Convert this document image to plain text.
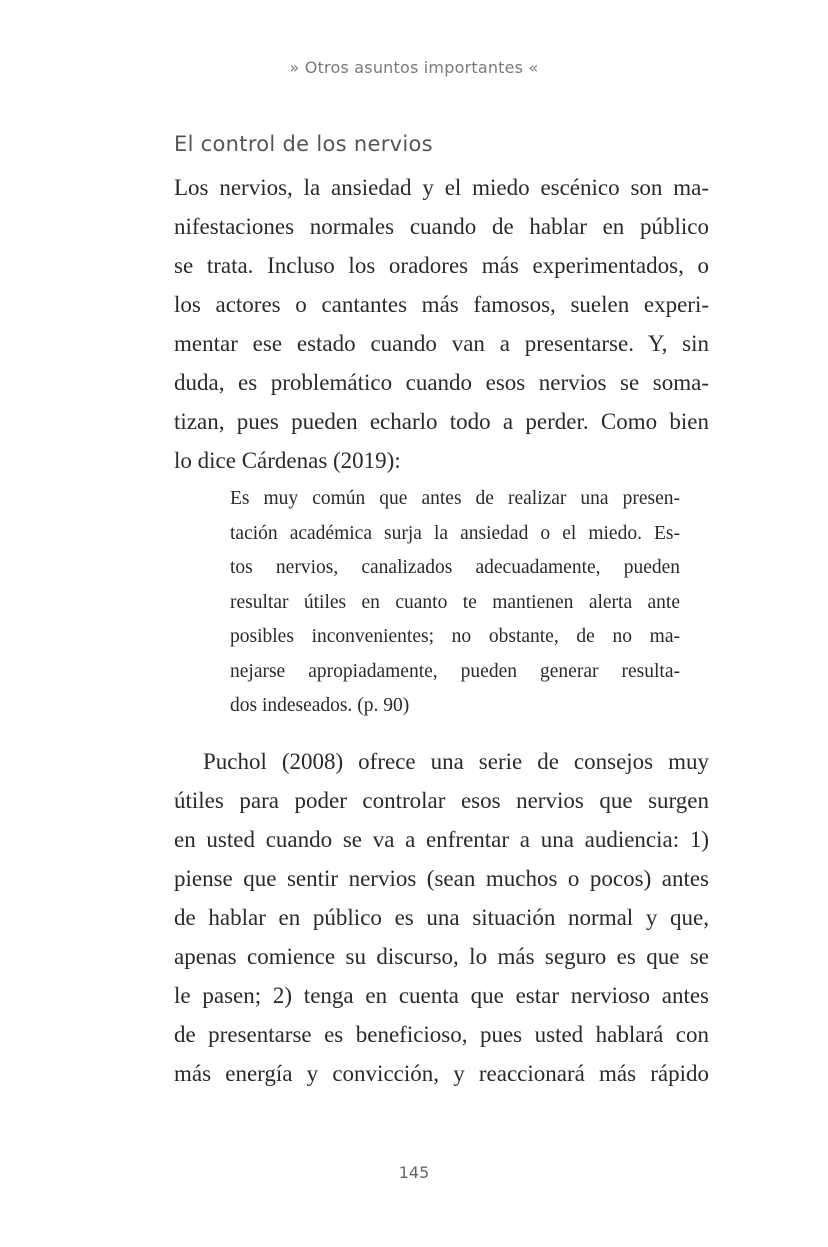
» Otros asuntos importantes «
El control de los nervios
Los nervios, la ansiedad y el miedo escénico son ma-
nifestaciones normales cuando de hablar en público
se trata. Incluso los oradores más experimentados, o
los actores o cantantes más famosos, suelen experi-
mentar ese estado cuando van a presentarse. Y, sin
duda, es problemático cuando esos nervios se soma-
tizan, pues pueden echarlo todo a perder. Como bien
lo dice Cárdenas (2019):
Es muy común que antes de realizar una presen-
tación académica surja la ansiedad o el miedo. Es-
tos nervios, canalizados adecuadamente, pueden
resultar útiles en cuanto te mantienen alerta ante
posibles inconvenientes; no obstante, de no ma-
nejarse apropiadamente, pueden generar resulta-
dos indeseados. (p. 90)
Puchol (2008) ofrece una serie de consejos muy
útiles para poder controlar esos nervios que surgen
en usted cuando se va a enfrentar a una audiencia: 1)
piense que sentir nervios (sean muchos o pocos) antes
de hablar en público es una situación normal y que,
apenas comience su discurso, lo más seguro es que se
le pasen; 2) tenga en cuenta que estar nervioso antes
de presentarse es beneficioso, pues usted hablará con
más energía y convicción, y reaccionará más rápido
145
